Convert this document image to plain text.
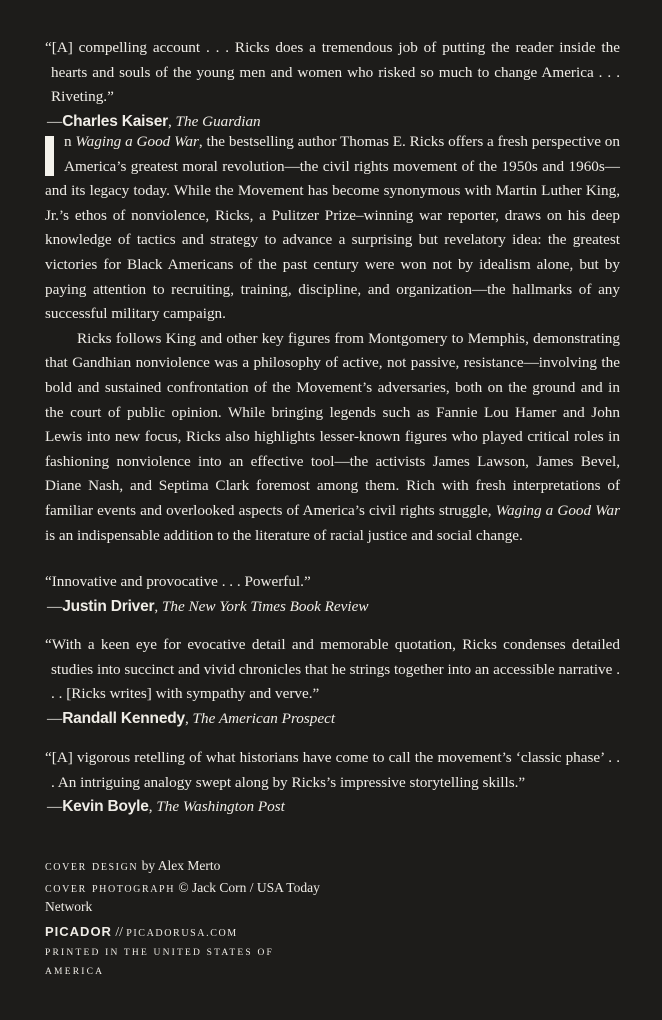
“[A] compelling account . . . Ricks does a tremendous job of putting the reader inside the hearts and souls of the young men and women who risked so much to change America . . . Riveting.”

—Charles Kaiser, The Guardian

n Waging a Good War, the bestselling author Thomas E. Ricks offers a fresh perspective on America’s greatest moral revolution—the civil rights movement of the 1950s and 1960s—and its legacy today. While the Movement has become synonymous with Martin Luther King, Jr.’s ethos of nonviolence, Ricks, a Pulitzer Prize–winning war reporter, draws on his deep knowledge of tactics and strategy to advance a surprising but revelatory idea: the greatest victories for Black Americans of the past century were won not by idealism alone, but by paying attention to recruiting, training, discipline, and organization—the hallmarks of any successful military campaign.

Ricks follows King and other key figures from Montgomery to Memphis, demonstrating that Gandhian nonviolence was a philosophy of active, not passive, resistance—involving the bold and sustained confrontation of the Movement’s adversaries, both on the ground and in the court of public opinion. While bringing legends such as Fannie Lou Hamer and John Lewis into new focus, Ricks also highlights lesser-known figures who played critical roles in fashioning nonviolence into an effective tool—the activists James Lawson, James Bevel, Diane Nash, and Septima Clark foremost among them. Rich with fresh interpretations of familiar events and overlooked aspects of America’s civil rights struggle, Waging a Good War is an indispensable addition to the literature of racial justice and social change.

“Innovative and provocative . . . Powerful.”

—Justin Driver, The New York Times Book Review

“With a keen eye for evocative detail and memorable quotation, Ricks condenses detailed studies into succinct and vivid chronicles that he strings together into an accessible narrative . . . [Ricks writes] with sympathy and verve.”

—Randall Kennedy, The American Prospect

“[A] vigorous retelling of what historians have come to call the movement’s ‘classic phase’ . . . An intriguing analogy swept along by Ricks’s impressive storytelling skills.”

—Kevin Boyle, The Washington Post

cover design by Alex Merto
cover photograph © Jack Corn / USA Today Network
PICADOR // PICADORUSA.COM
PRINTED IN THE UNITED STATES OF AMERICA
